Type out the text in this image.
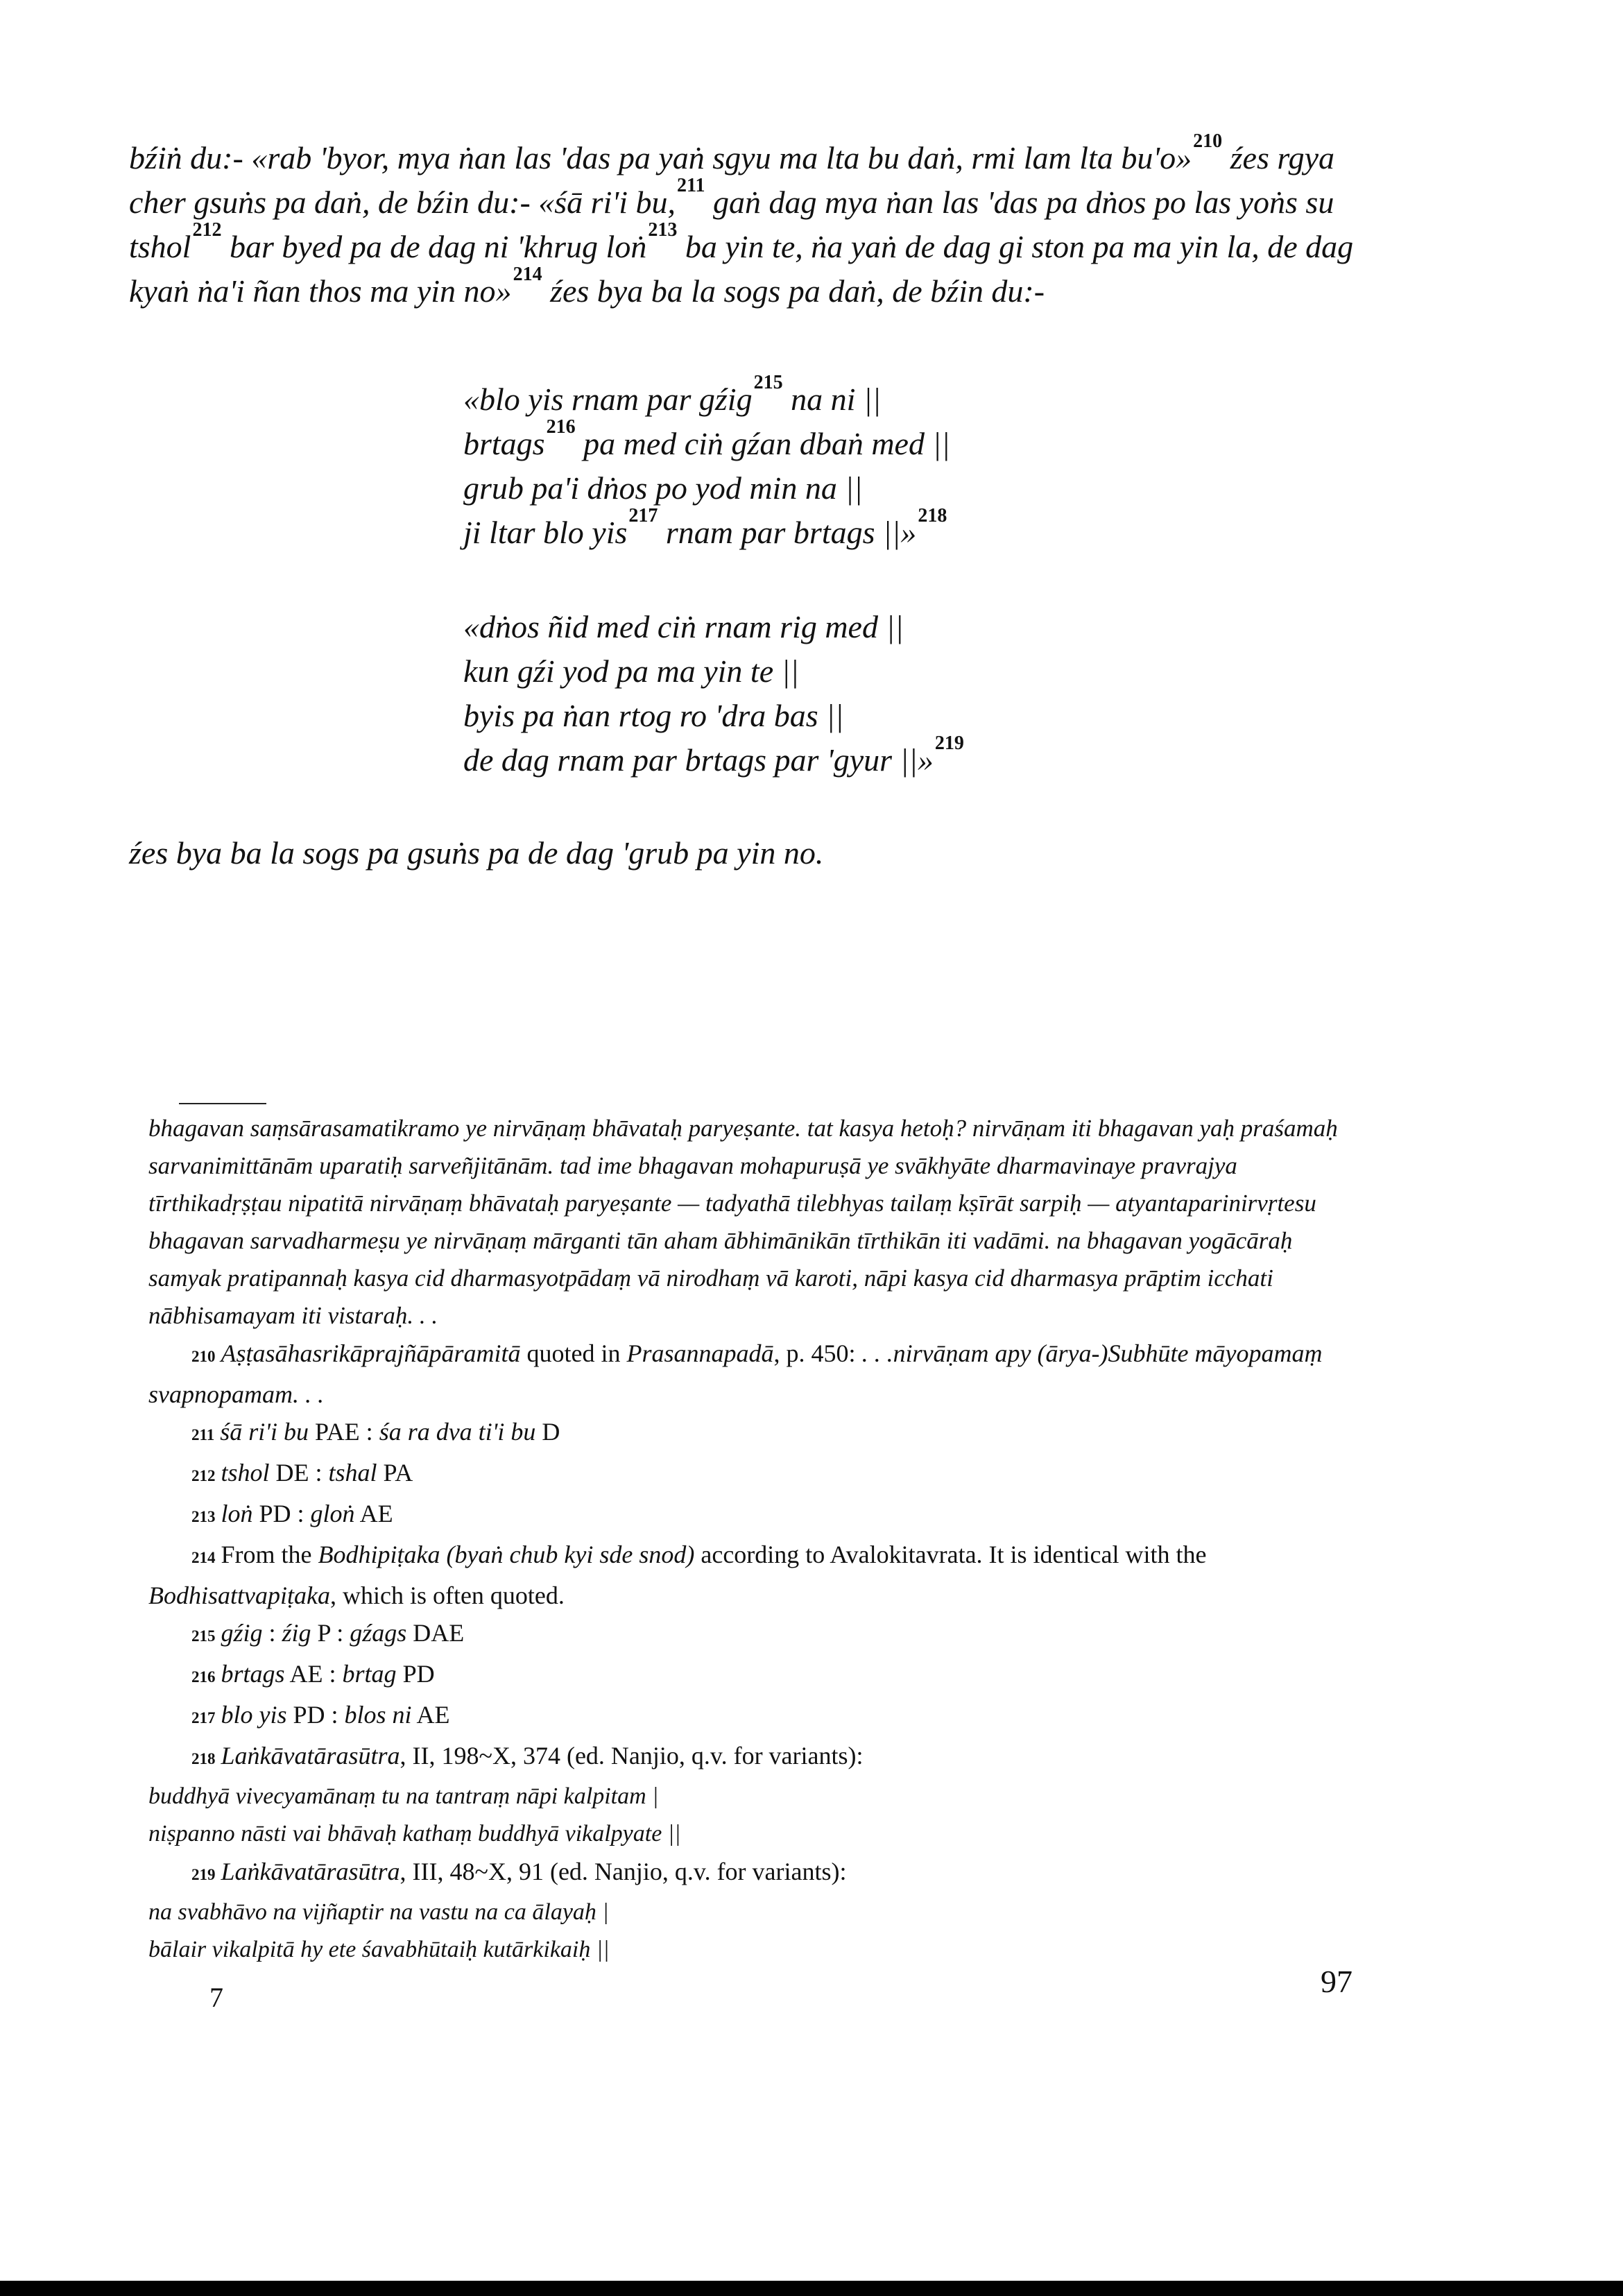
bźiṅ du:- «rab 'byor, mya ṅan las 'das pa yaṅ sgyu ma lta bu daṅ, rmi lam lta bu'o»$^{210}$ źes rgya cher gsuṅs pa daṅ, de bźin du:- «śā ri'i bu,$^{211}$ gaṅ dag mya ṅan las 'das pa dṅos po las yoṅs su tshol$^{212}$ bar byed pa de dag ni 'khrug loṅ$^{213}$ ba yin te, ṅa yaṅ de dag gi ston pa ma yin la, de dag kyaṅ ṅa'i ñan thos ma yin no»$^{214}$ źes bya ba la sogs pa daṅ, de bźin du:-

«blo yis rnam par gźig$^{215}$ na ni ||
brtags$^{216}$ pa med ciṅ gźan dbaṅ med ||
grub pa'i dṅos po yod min na ||
ji ltar blo yis$^{217}$ rnam par brtags ||»$^{218}$
«dṅos ñid med ciṅ rnam rig med ||
kun gźi yod pa ma yin te ||
byis pa ṅan rtog ro 'dra bas ||
de dag rnam par brtags par 'gyur ||»$^{219}$

źes bya ba la sogs pa gsuṅs pa de dag 'grub pa yin no.

bhagavan saṃsārasamatikramo ye nirvāṇaṃ bhāvataḥ paryeṣante. tat kasya hetoḥ? nirvāṇam iti bhagavan yaḥ praśamaḥ sarvanimittānām uparatiḥ sarveñjitānām. tad ime bhagavan mohapuruṣā ye svākhyāte dharmavinaye pravrajya tīrthikadṛṣṭau nipatitā nirvāṇaṃ bhāvataḥ paryeṣante — tadyathā tilebhyas tailaṃ kṣīrāt sarpiḥ — atyantaparinirvṛtesu bhagavan sarvadharmeṣu ye nirvāṇaṃ mārganti tān aham ābhimānikān tīrthikān iti vadāmi. na bhagavan yogācāraḥ samyak pratipannaḥ kasya cid dharmasyotpādaṃ vā nirodhaṃ vā karoti, nāpi kasya cid dharmasya prāptim icchati nābhisamayam iti vistaraḥ. . .

210 Aṣṭasāhasrikāprajñāpāramitā quoted in Prasannapadā, p. 450: . . .nirvāṇam apy (ārya-)Subhūte māyopamaṃ svapnopamam. . .

211 śā ri'i bu PAE : śa ra dva ti'i bu D

212 tshol DE : tshal PA

213 loṅ PD : gloṅ AE

214 From the Bodhipiṭaka (byaṅ chub kyi sde snod) according to Avalokitavrata. It is identical with the Bodhisattvapiṭaka, which is often quoted.

215 gźig : źig P : gźags DAE

216 brtags AE : brtag PD

217 blo yis PD : blos ni AE

218 Laṅkāvatārasūtra, II, 198~X, 374 (ed. Nanjio, q.v. for variants):

buddhyā vivecyamānaṃ tu na tantraṃ nāpi kalpitam |

niṣpanno nāsti vai bhāvaḥ kathaṃ buddhyā vikalpyate ||

219 Laṅkāvatārasūtra, III, 48~X, 91 (ed. Nanjio, q.v. for variants):

na svabhāvo na vijñaptir na vastu na ca ālayaḥ |

bālair vikalpitā hy ete śavabhūtaiḥ kutārkikaiḥ ||

7	97
